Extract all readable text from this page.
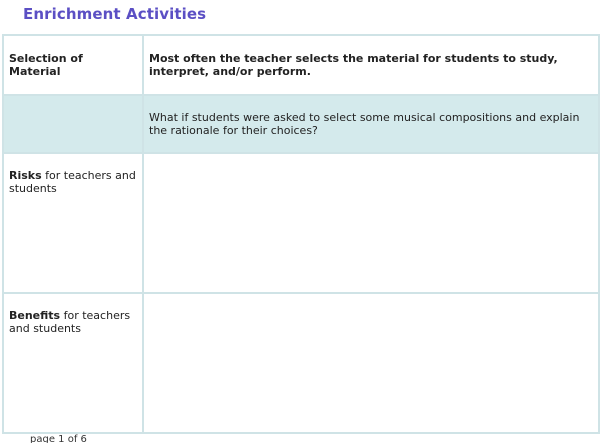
Enrichment Activities
Selection of Material	Most often the teacher selects the material for students to study, interpret, and/or perform.

	What if students were asked to select some musical compositions and explain the rationale for their choices?

Risks for teachers and students	

Benefits for teachers and students	

page 1 of 6
